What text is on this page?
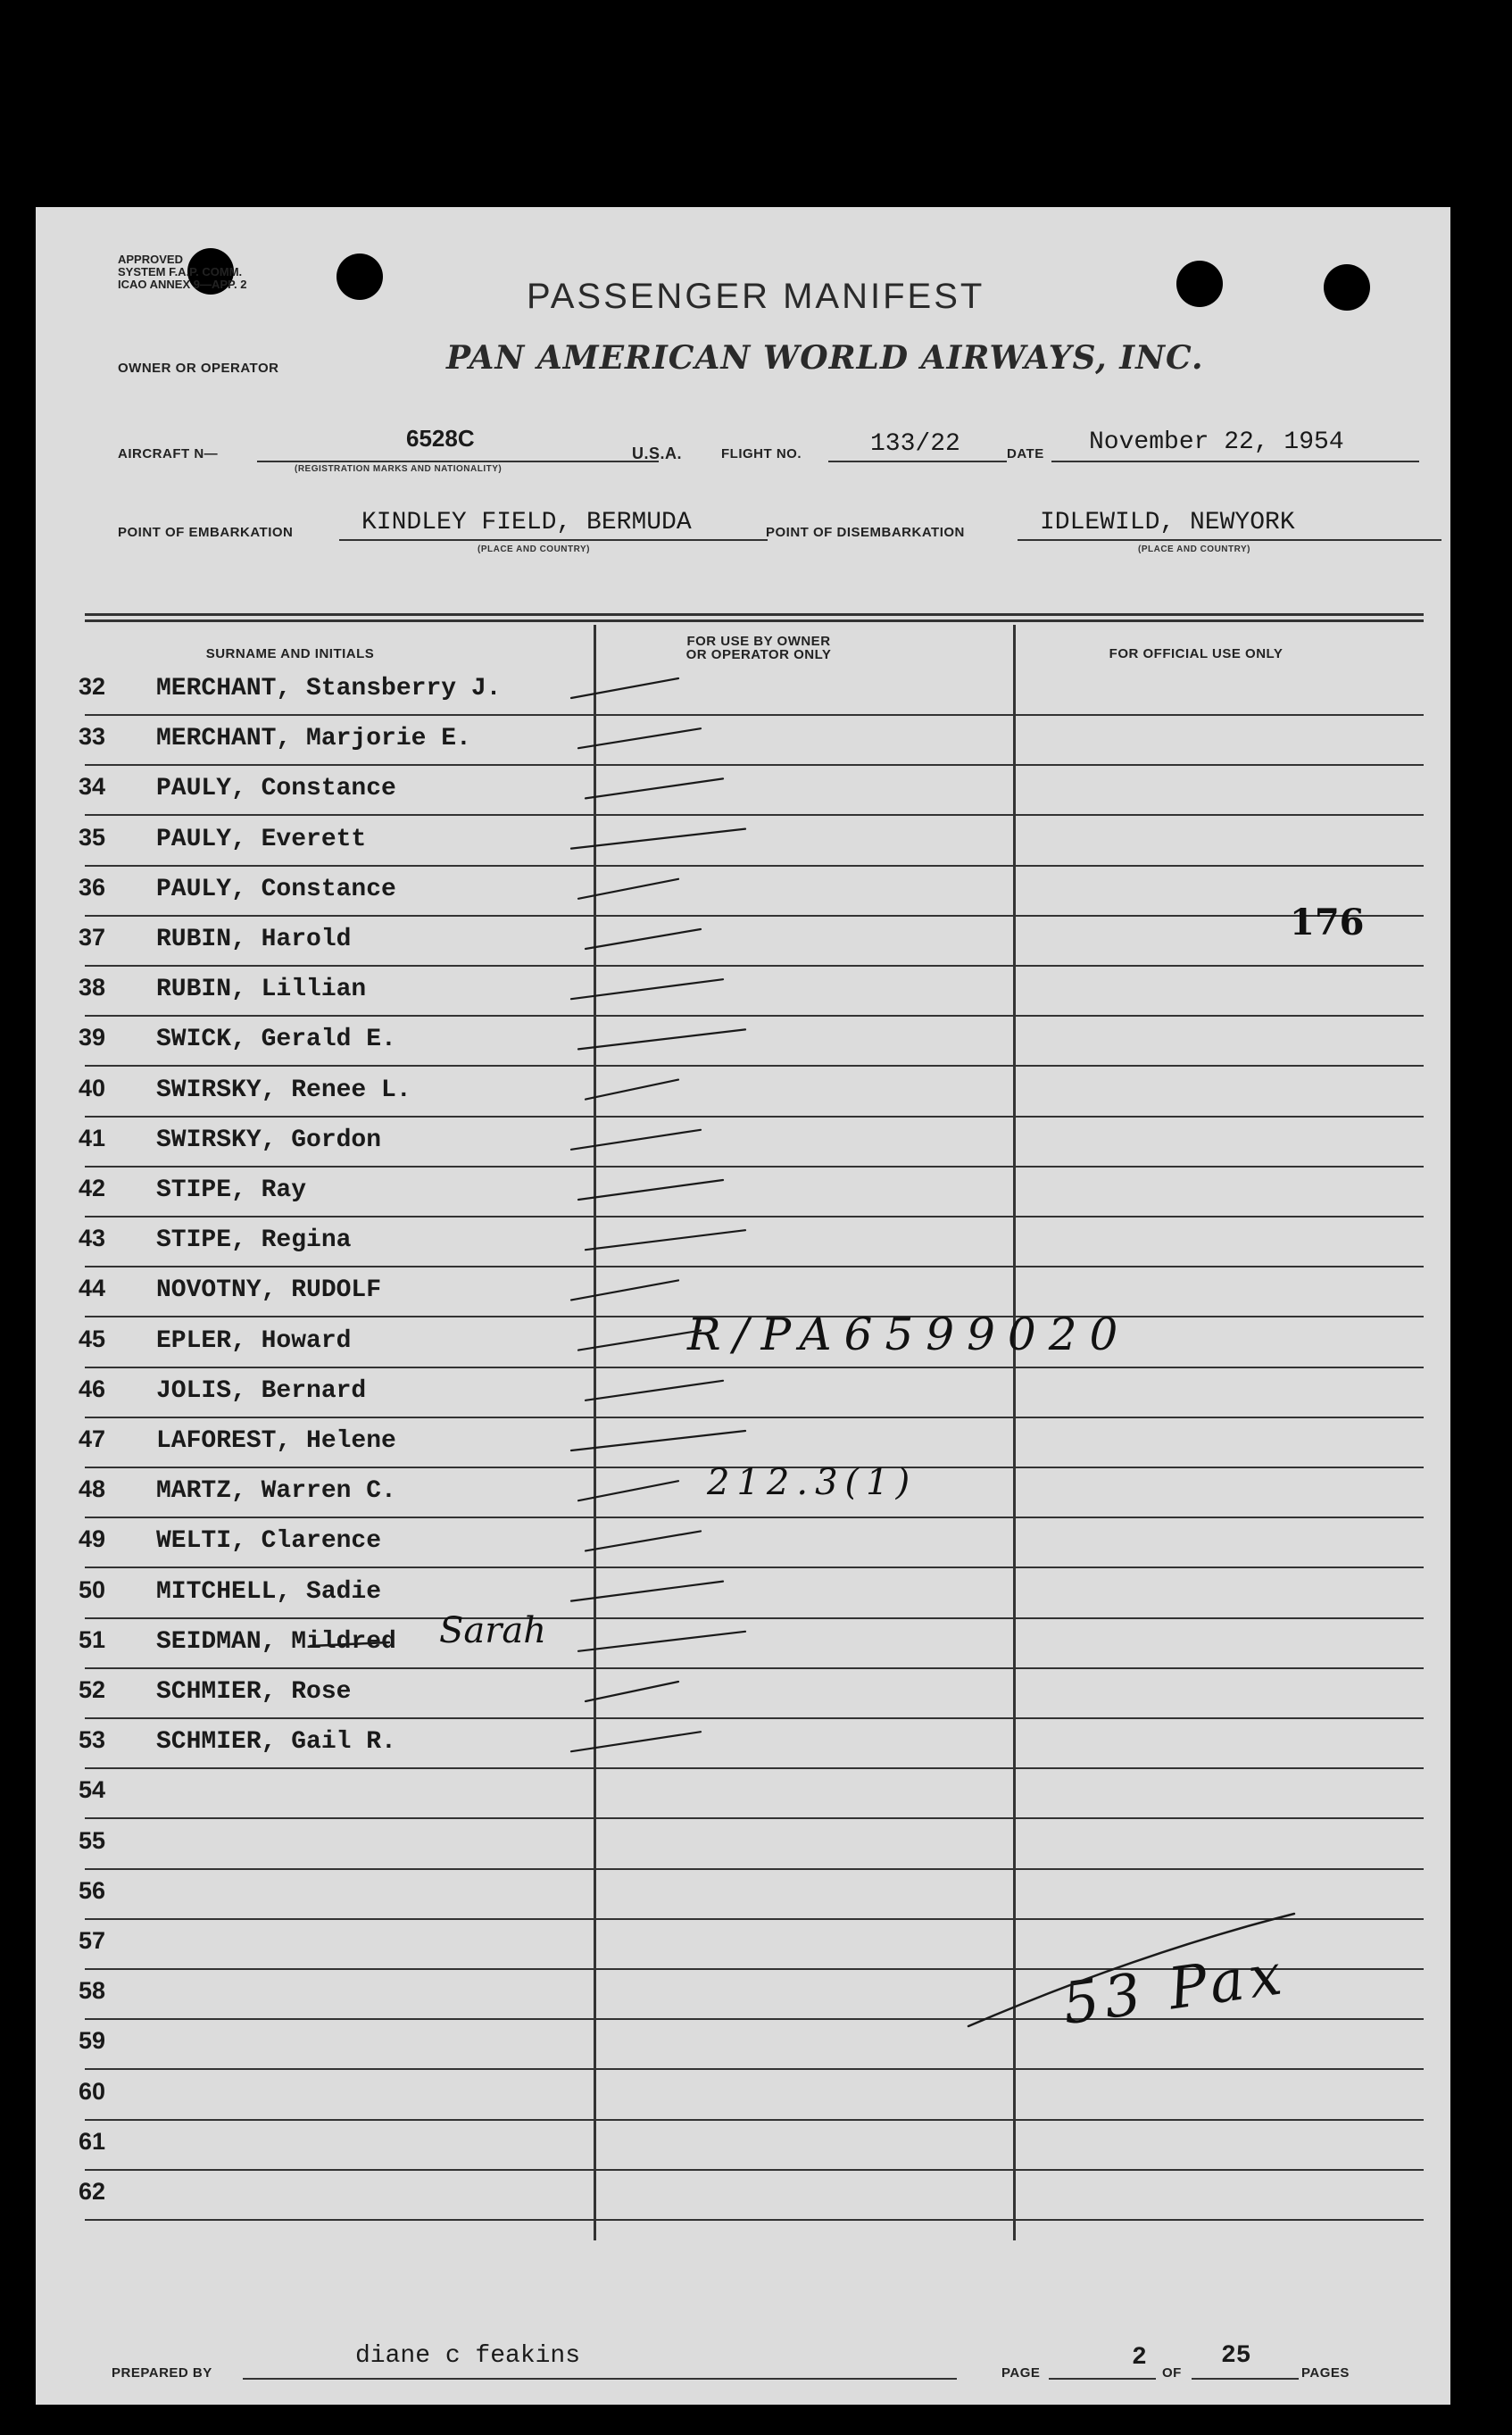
APPROVED
SYSTEM F.A.P. COMM.
ICAO ANNEX 9—APP. 2	PASSENGER MANIFEST
OWNER OR OPERATOR	PAN AMERICAN WORLD AIRWAYS, INC.
AIRCRAFT N—
6528C
(REGISTRATION MARKS AND NATIONALITY)
U.S.A.	FLIGHT NO.	133/22	DATE November 22, 1954
POINT OF EMBARKATION	KINDLEY FIELD, BERMUDA
(PLACE AND COUNTRY)
POINT OF DISEMBARKATION	IDLEWILD, NEWYORK
(PLACE AND COUNTRY)
SURNAME AND INITIALS
FOR USE BY OWNER
OR OPERATOR ONLY	FOR OFFICIAL USE ONLY
32 MERCHANT, Stansberry J.
33 MERCHANT, Marjorie E.
34 PAULY, Constance
35 PAULY, Everett
36 PAULY, Constance
37 RUBIN, Harold
38 RUBIN, Lillian
39 SWICK, Gerald E.
40 SWIRSKY, Renee L.
41 SWIRSKY, Gordon
42 STIPE, Ray
43 STIPE, Regina
44 NOVOTNY, RUDOLF
45 EPLER, Howard
46 JOLIS, Bernard
47 LAFOREST, Helene
48 MARTZ, Warren C.
49 WELTI, Clarence
50 MITCHELL, Sadie
51 SEIDMAN, Mildred
52 SCHMIER, Rose
53 SCHMIER, Gail R.
54
55
56
57
58
59
60
61
62
PREPARED BY
diane c feakins
PAGE
2
OF
25
PAGES
176
R/PA6599020
212.3(1)
Sarah
53 Pax
